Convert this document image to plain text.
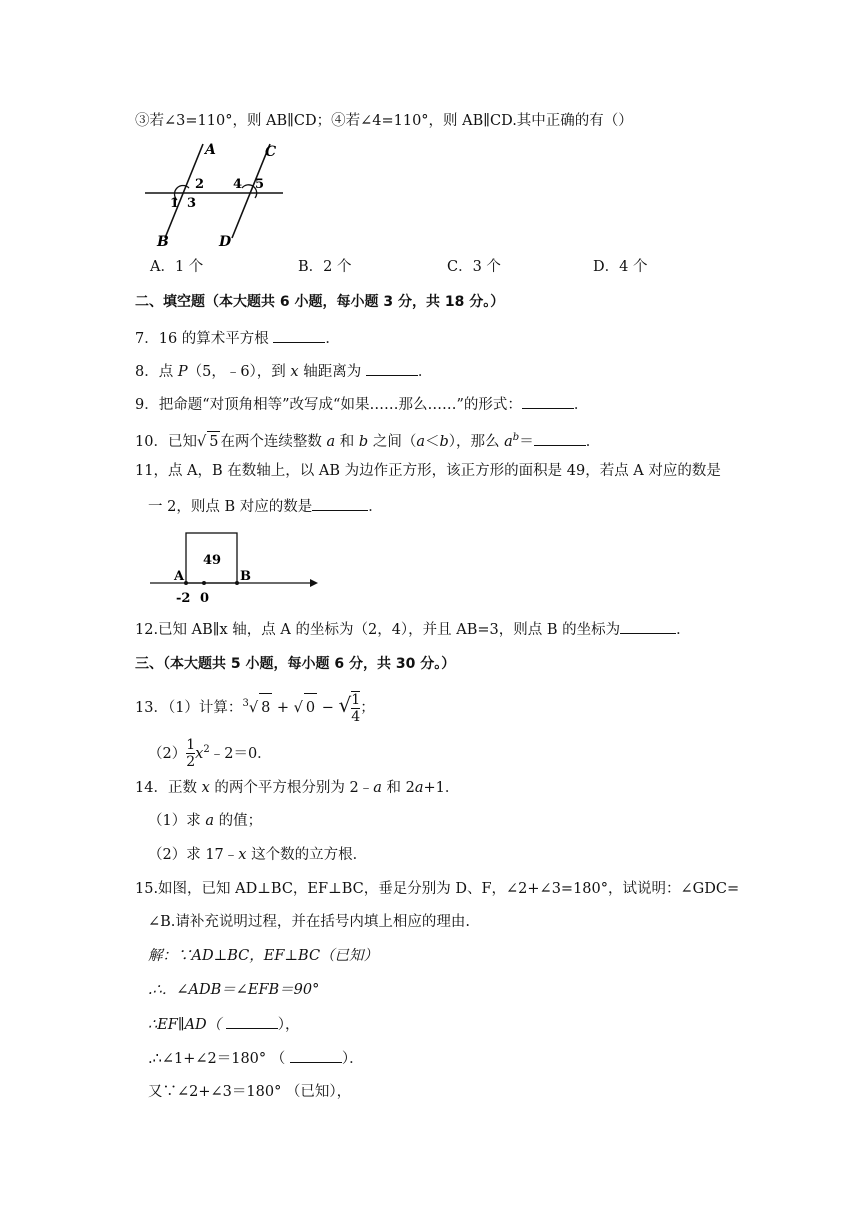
③若∠3=110°，则 AB∥CD；④若∠4=110°，则 AB∥CD.其中正确的有（）
A	C
B	D
1
2
3
4 5
A．1 个	B．2 个	C．3 个	D．4 个
二、填空题（本大题共 6 小题，每小题 3 分，共 18 分。）
7．16 的算术平方根	．
8．点 P（5，﹣6），到 x 轴距离为	．
9．把命题“对顶角相等”改写成“如果……那么……”的形式：	．
10．已知√ 5 在两个连续整数 a 和 b 之间（a＜b），那么 $a^b=$	．
11，点 A，B 在数轴上，以 AB 为边作正方形，该正方形的面积是 49，若点 A 对应的数是
一 2，则点 B 对应的数是	．
49
A	B
-2 0
12.已知 AB∥x 轴，点 A 的坐标为（2，4），并且 AB=3，则点 B 的坐标为	．
三、（本大题共 5 小题，每小题 6 分，共 30 分。）
13．（1）计算：$^3$√ 8 + √ 0 − √ $\frac{1}{4}$ ；
$(2) \frac{1}{2}$ $x^2﹣2=0$．
14．正数 x 的两个平方根分别为 2﹣a 和 2a+1．
（1）求 a 的值；
（2）求 17﹣x 这个数的立方根．
15.如图，已知 AD⊥BC，EF⊥BC，垂足分别为 D、F，∠2+∠3=180°，试说明：∠GDC=
∠B.请补充说明过程，并在括号内填上相应的理由.
解：∵AD⊥BC，EF⊥BC（已知）
.∴．∠ADB＝∠EFB＝90°
∴EF∥AD（	），
.∴∠1+∠2＝180° （	）．
又∵∠2+∠3＝180° （已知），
